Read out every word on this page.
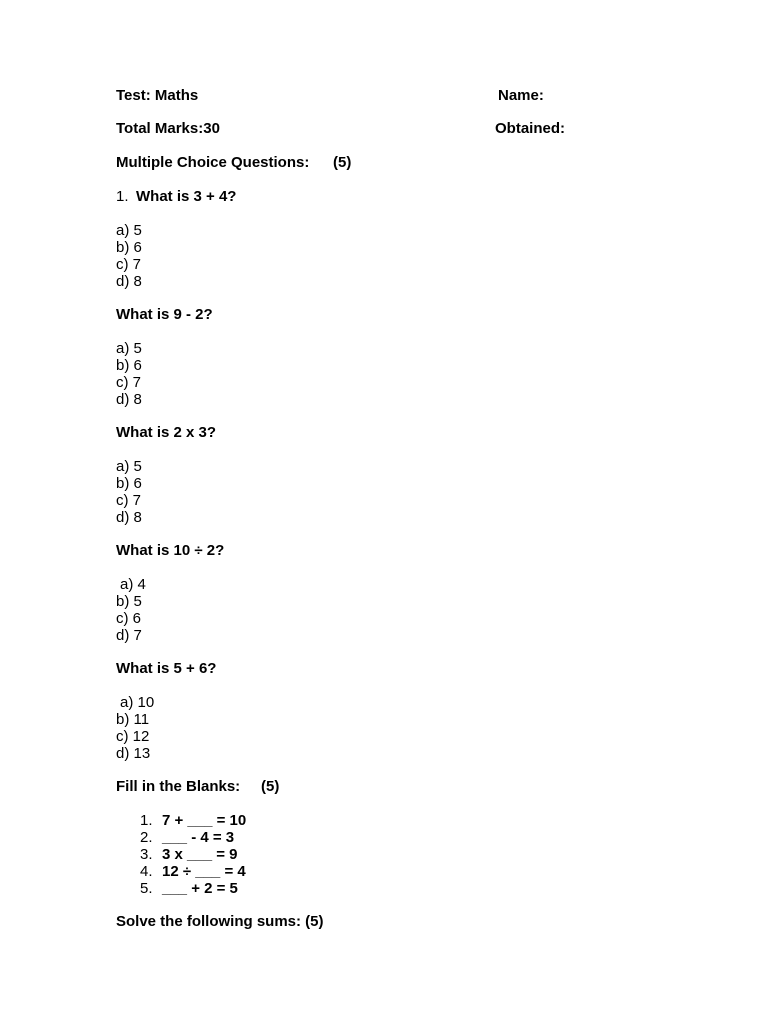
Test: Maths	Name:
Total Marks:30	Obtained:
Multiple Choice Questions: (5)
1. What is 3 + 4?
a) 5
b) 6
c) 7
d) 8
What is 9 - 2?
a) 5
b) 6
c) 7
d) 8
What is 2 x 3?
a) 5
b) 6
c) 7
d) 8
What is 10 ÷ 2?
a) 4
b) 5
c) 6
d) 7
What is 5 + 6?
a) 10
b) 11
c) 12
d) 13
Fill in the Blanks: (5)
1. 7 + ___ = 10
2. ___ - 4 = 3
3. 3 x ___ = 9
4. 12 ÷ ___ = 4
5. ___ + 2 = 5
Solve the following sums: (5)
